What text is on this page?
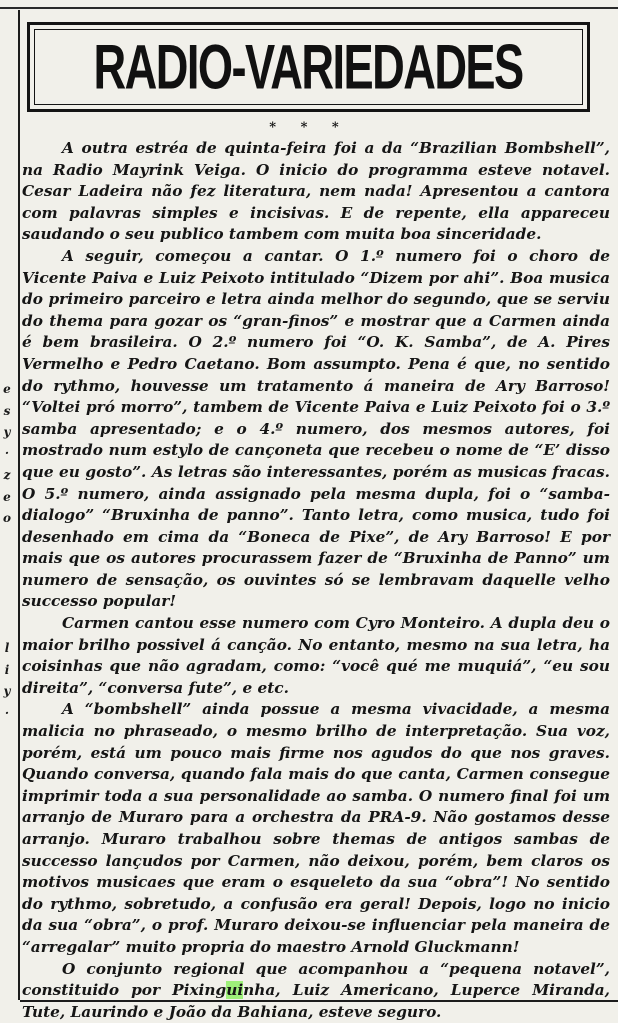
e
s
y
·
z
e
o
l
i
y
·
RADIO-VARIEDADES
* * *

A outra estréa de quinta-feira foi a da “Brazilian Bombshell”, na Radio Mayrink Veiga. O inicio do programma esteve notavel. Cesar Ladeira não fez literatura, nem nada! Apresentou a cantora com palavras simples e incisivas. E de repente, ella appareceu saudando o seu publico tambem com muita boa sinceridade.

A seguir, começou a cantar. O 1.º numero foi o choro de Vicente Paiva e Luiz Peixoto intitulado “Dizem por ahi”. Boa musica do primeiro parceiro e letra ainda melhor do segundo, que se serviu do thema para gozar os “gran-finos” e mostrar que a Carmen ainda é bem brasileira. O 2.º numero foi “O. K. Samba”, de A. Pires Vermelho e Pedro Caetano. Bom assumpto. Pena é que, no sentido do rythmo, houvesse um tratamento á maneira de Ary Barroso! “Voltei pró morro”, tambem de Vicente Paiva e Luiz Peixoto foi o 3.º samba apresentado; e o 4.º numero, dos mesmos autores, foi mostrado num estylo de cançonetа que recebeu o nome de “E’ disso que eu gosto”. As letras são interessantes, porém as musicas fracas. O 5.º numero, ainda assignado pela mesma dupla, foi o “samba-dialogo” “Bruxinha de panno”. Tanto letra, como musica, tudo foi desenhado em cima da “Boneca de Pixe”, de Ary Barroso! E por mais que os autores procurassem fazer de “Bruxinha de Panno” um numero de sensação, os ouvintes só se lembravam daquelle velho successo popular!

Carmen cantou esse numero com Cyro Monteiro. A dupla deu o maior brilho possivel á canção. No entanto, mesmo na sua letra, ha coisinhas que não agradam, como: “você qué me muquiá”, “eu sou direita”, “conversa fute”, e etc.

A “bombshell” ainda possue a mesma vivacidade, a mesma malicia no phraseado, o mesmo brilho de interpretação. Sua voz, porém, está um pouco mais firme nos agudos do que nos graves. Quando conversa, quando fala mais do que canta, Carmen consegue imprimir toda a sua personalidade ao samba. O numero final foi um arranjo de Muraro para a orchestra da PRA-9. Não gostamos desse arranjo. Muraro trabalhou sobre themas de antigos sambas de successo lançudos por Carmen, não deixou, porém, bem claros os motivos musicaes que eram o esqueleto da sua “obra”! No sentido do rythmo, sobretudo, a confusão era geral! Depois, logo no inicio da sua “obra”, o prof. Muraro deixou-se influenciar pela maneira de “arregalar” muito propria do maestro Arnold Gluckmann!

O conjunto regional que acompanhou a “pequena notavel”, constituido por Pixinguinha, Luiz Americano, Luperce Miranda, Tute, Laurindo e João da Bahiana, esteve seguro.
